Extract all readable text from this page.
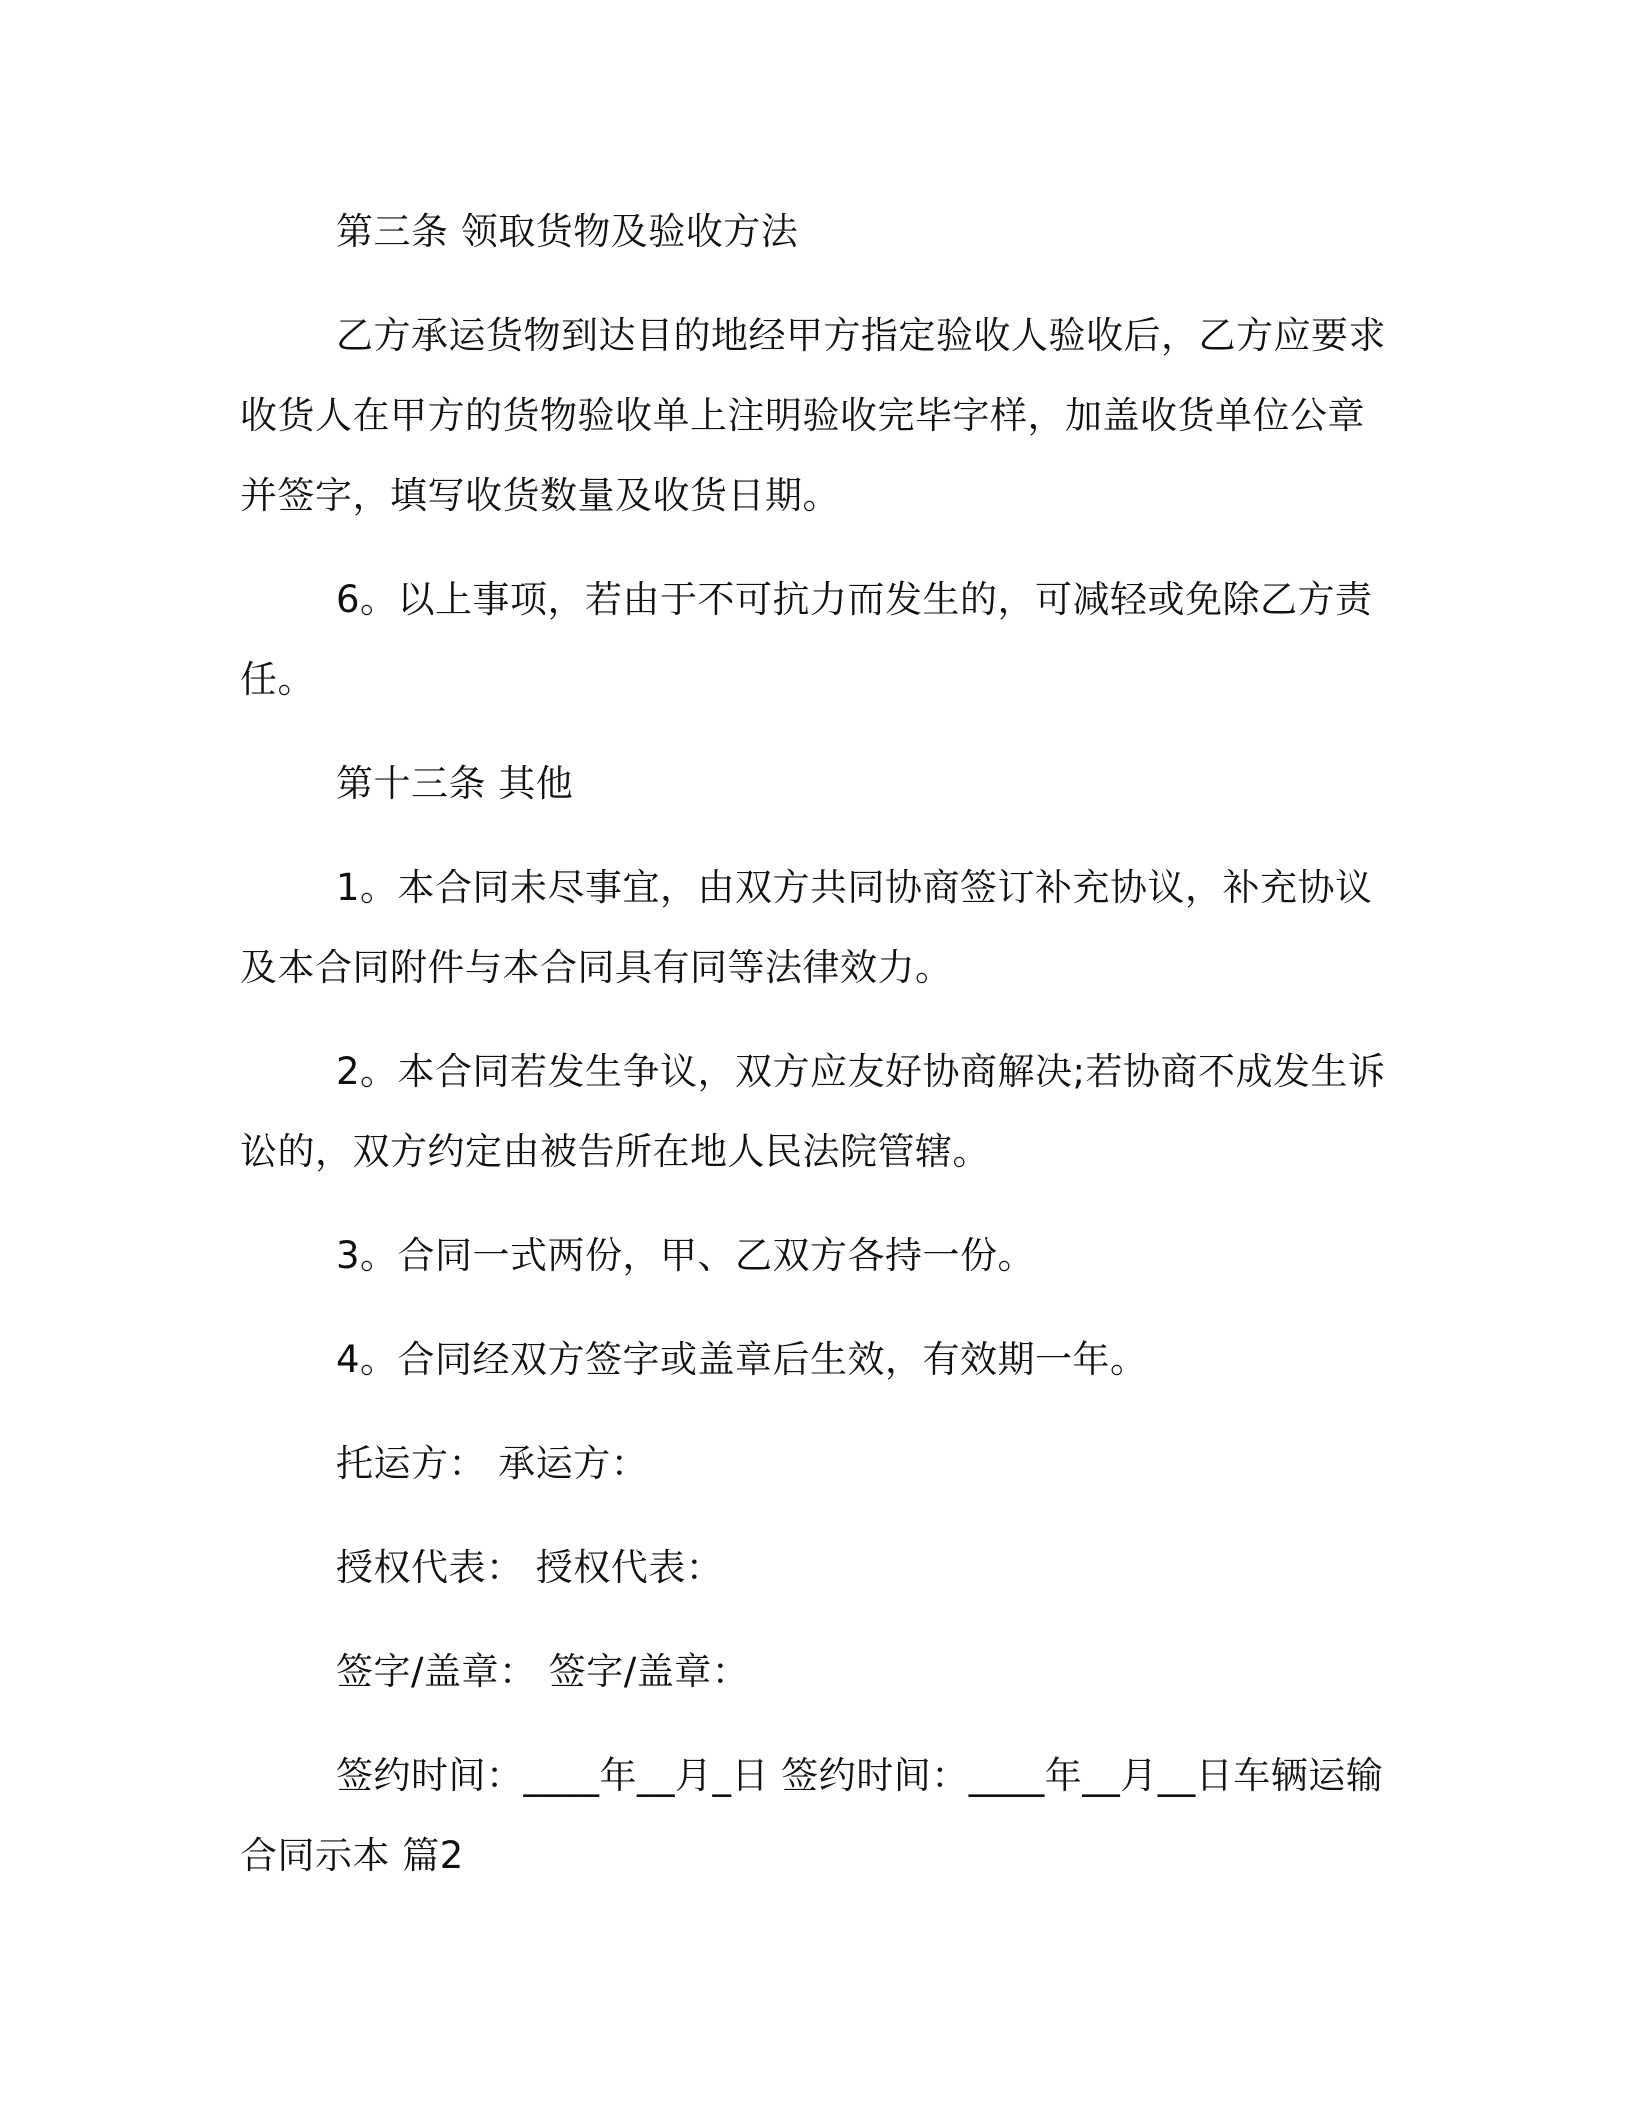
第三条 领取货物及验收方法

乙方承运货物到达目的地经甲方指定验收人验收后，乙方应要求收货人在甲方的货物验收单上注明验收完毕字样，加盖收货单位公章并签字，填写收货数量及收货日期。

6。以上事项，若由于不可抗力而发生的，可减轻或免除乙方责任。

第十三条 其他

1。本合同未尽事宜，由双方共同协商签订补充协议，补充协议及本合同附件与本合同具有同等法律效力。

2。本合同若发生争议，双方应友好协商解决;若协商不成发生诉讼的，双方约定由被告所在地人民法院管辖。

3。合同一式两份，甲、乙双方各持一份。

4。合同经双方签字或盖章后生效，有效期一年。

托运方： 承运方：

授权代表： 授权代表：

签字/盖章： 签字/盖章：

签约时间：____年__月_日 签约时间：____年__月__日车辆运输合同示本 篇2
